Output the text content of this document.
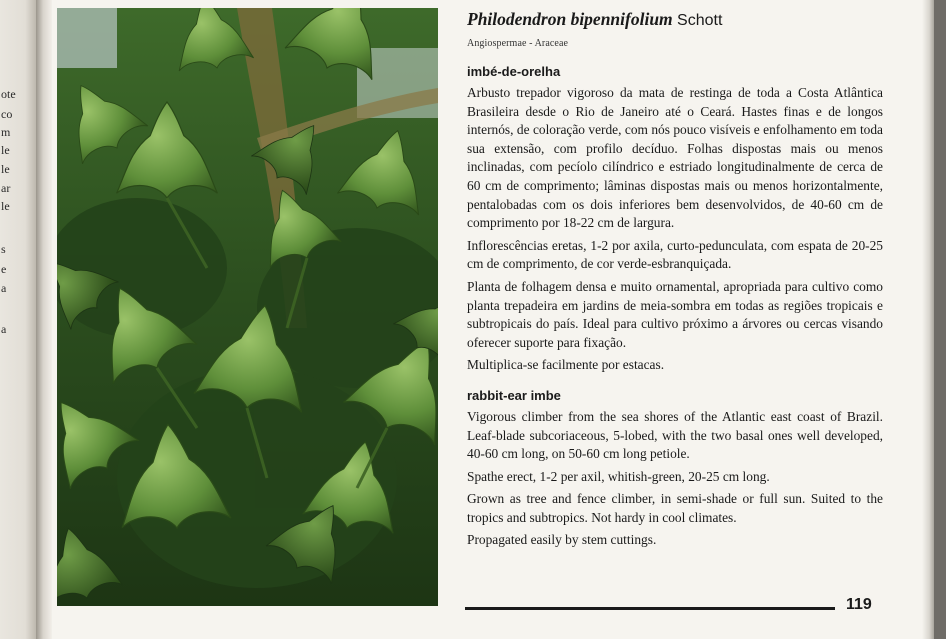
ote
co
m
le
le
ar
le
s
e
a
a
Philodendron bipennifolium Schott
Angiospermae - Araceae
imbé-de-orelha

Arbusto trepador vigoroso da mata de restinga de toda a Costa Atlântica Brasileira desde o Rio de Janeiro até o Ceará. Hastes finas e de longos internós, de coloração verde, com nós pouco visíveis e enfolhamento em toda sua extensão, com profilo decíduo. Folhas dispostas mais ou menos inclinadas, com pecíolo cilíndrico e estriado longitudinalmente de cerca de 60 cm de comprimento; lâminas dispostas mais ou menos horizontalmente, pentalobadas com os dois inferiores bem desenvolvidos, de 40-60 cm de comprimento por 18-22 cm de largura.

Inflorescências eretas, 1-2 por axila, curto-pedunculata, com espata de 20-25 cm de comprimento, de cor verde-esbranquiçada.

Planta de folhagem densa e muito ornamental, apropriada para cultivo como planta trepadeira em jardins de meia-sombra em todas as regiões tropicais e subtropicais do país. Ideal para cultivo próximo a árvores ou cercas visando oferecer suporte para fixação.

Multiplica-se facilmente por estacas.

rabbit-ear imbe

Vigorous climber from the sea shores of the Atlantic east coast of Brazil. Leaf-blade subcoriaceous, 5-lobed, with the two basal ones well developed, 40-60 cm long, on 50-60 cm long petiole.

Spathe erect, 1-2 per axil, whitish-green, 20-25 cm long.

Grown as tree and fence climber, in semi-shade or full sun. Suited to the tropics and subtropics. Not hardy in cool climates.

Propagated easily by stem cuttings.

119
